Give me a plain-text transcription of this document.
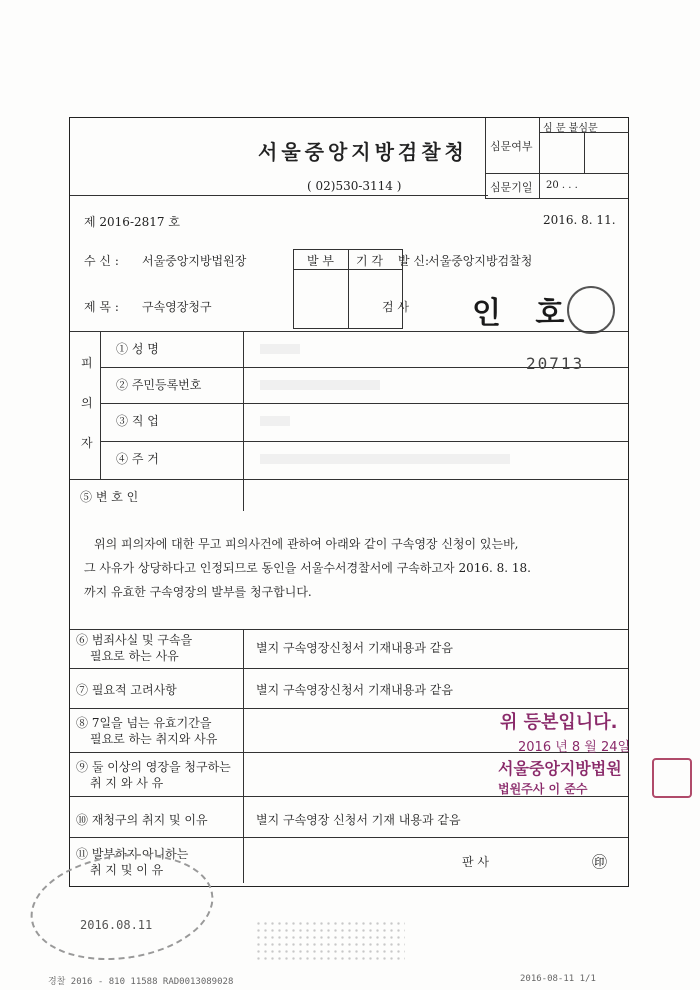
서울중앙지방검찰청
( 02)530-3114 )
심문여부
심 문 불심문
심문기일 20 . . .
제 2016-2817 호	2016. 8. 11.
수 신 : 서울중앙지방법원장	발 부 기 각 발 신:
서울중앙지방검찰청
제 목 : 구속영장청구	검 사 인 호
피
의
자
① 성 명
② 주민등록번호
③ 직 업
④ 주 거
20713
⑤ 변 호 인
위의 피의자에 대한 무고 피의사건에 관하여 아래와 같이 구속영장 신청이 있는바,
그 사유가 상당하다고 인정되므로 동인을 서울수서경찰서에 구속하고자 2016. 8. 18.
까지 유효한 구속영장의 발부를 청구합니다.
⑥ 범죄사실 및 구속을
필요로 하는 사유
별지 구속영장신청서 기재내용과 같음
⑦ 필요적 고려사항	별지 구속영장신청서 기재내용과 같음
⑧ 7일을 넘는 유효기간을
필요로 하는 취지와 사유
⑨ 둘 이상의 영장을 청구하는
취 지 와 사 유
⑩ 재청구의 취지 및 이유	별지 구속영장 신청서 기재 내용과 같음
⑪ 발부하지 아니하는
취 지 및 이 유
판 사	㊞
위 등본입니다.
2016 년 8 월 24일
서울중앙지방법원
법원주사 이 준수
2016.08.11
경찰 2016 - 810 11588 RAD0013089028	2016-08-11 1/1
